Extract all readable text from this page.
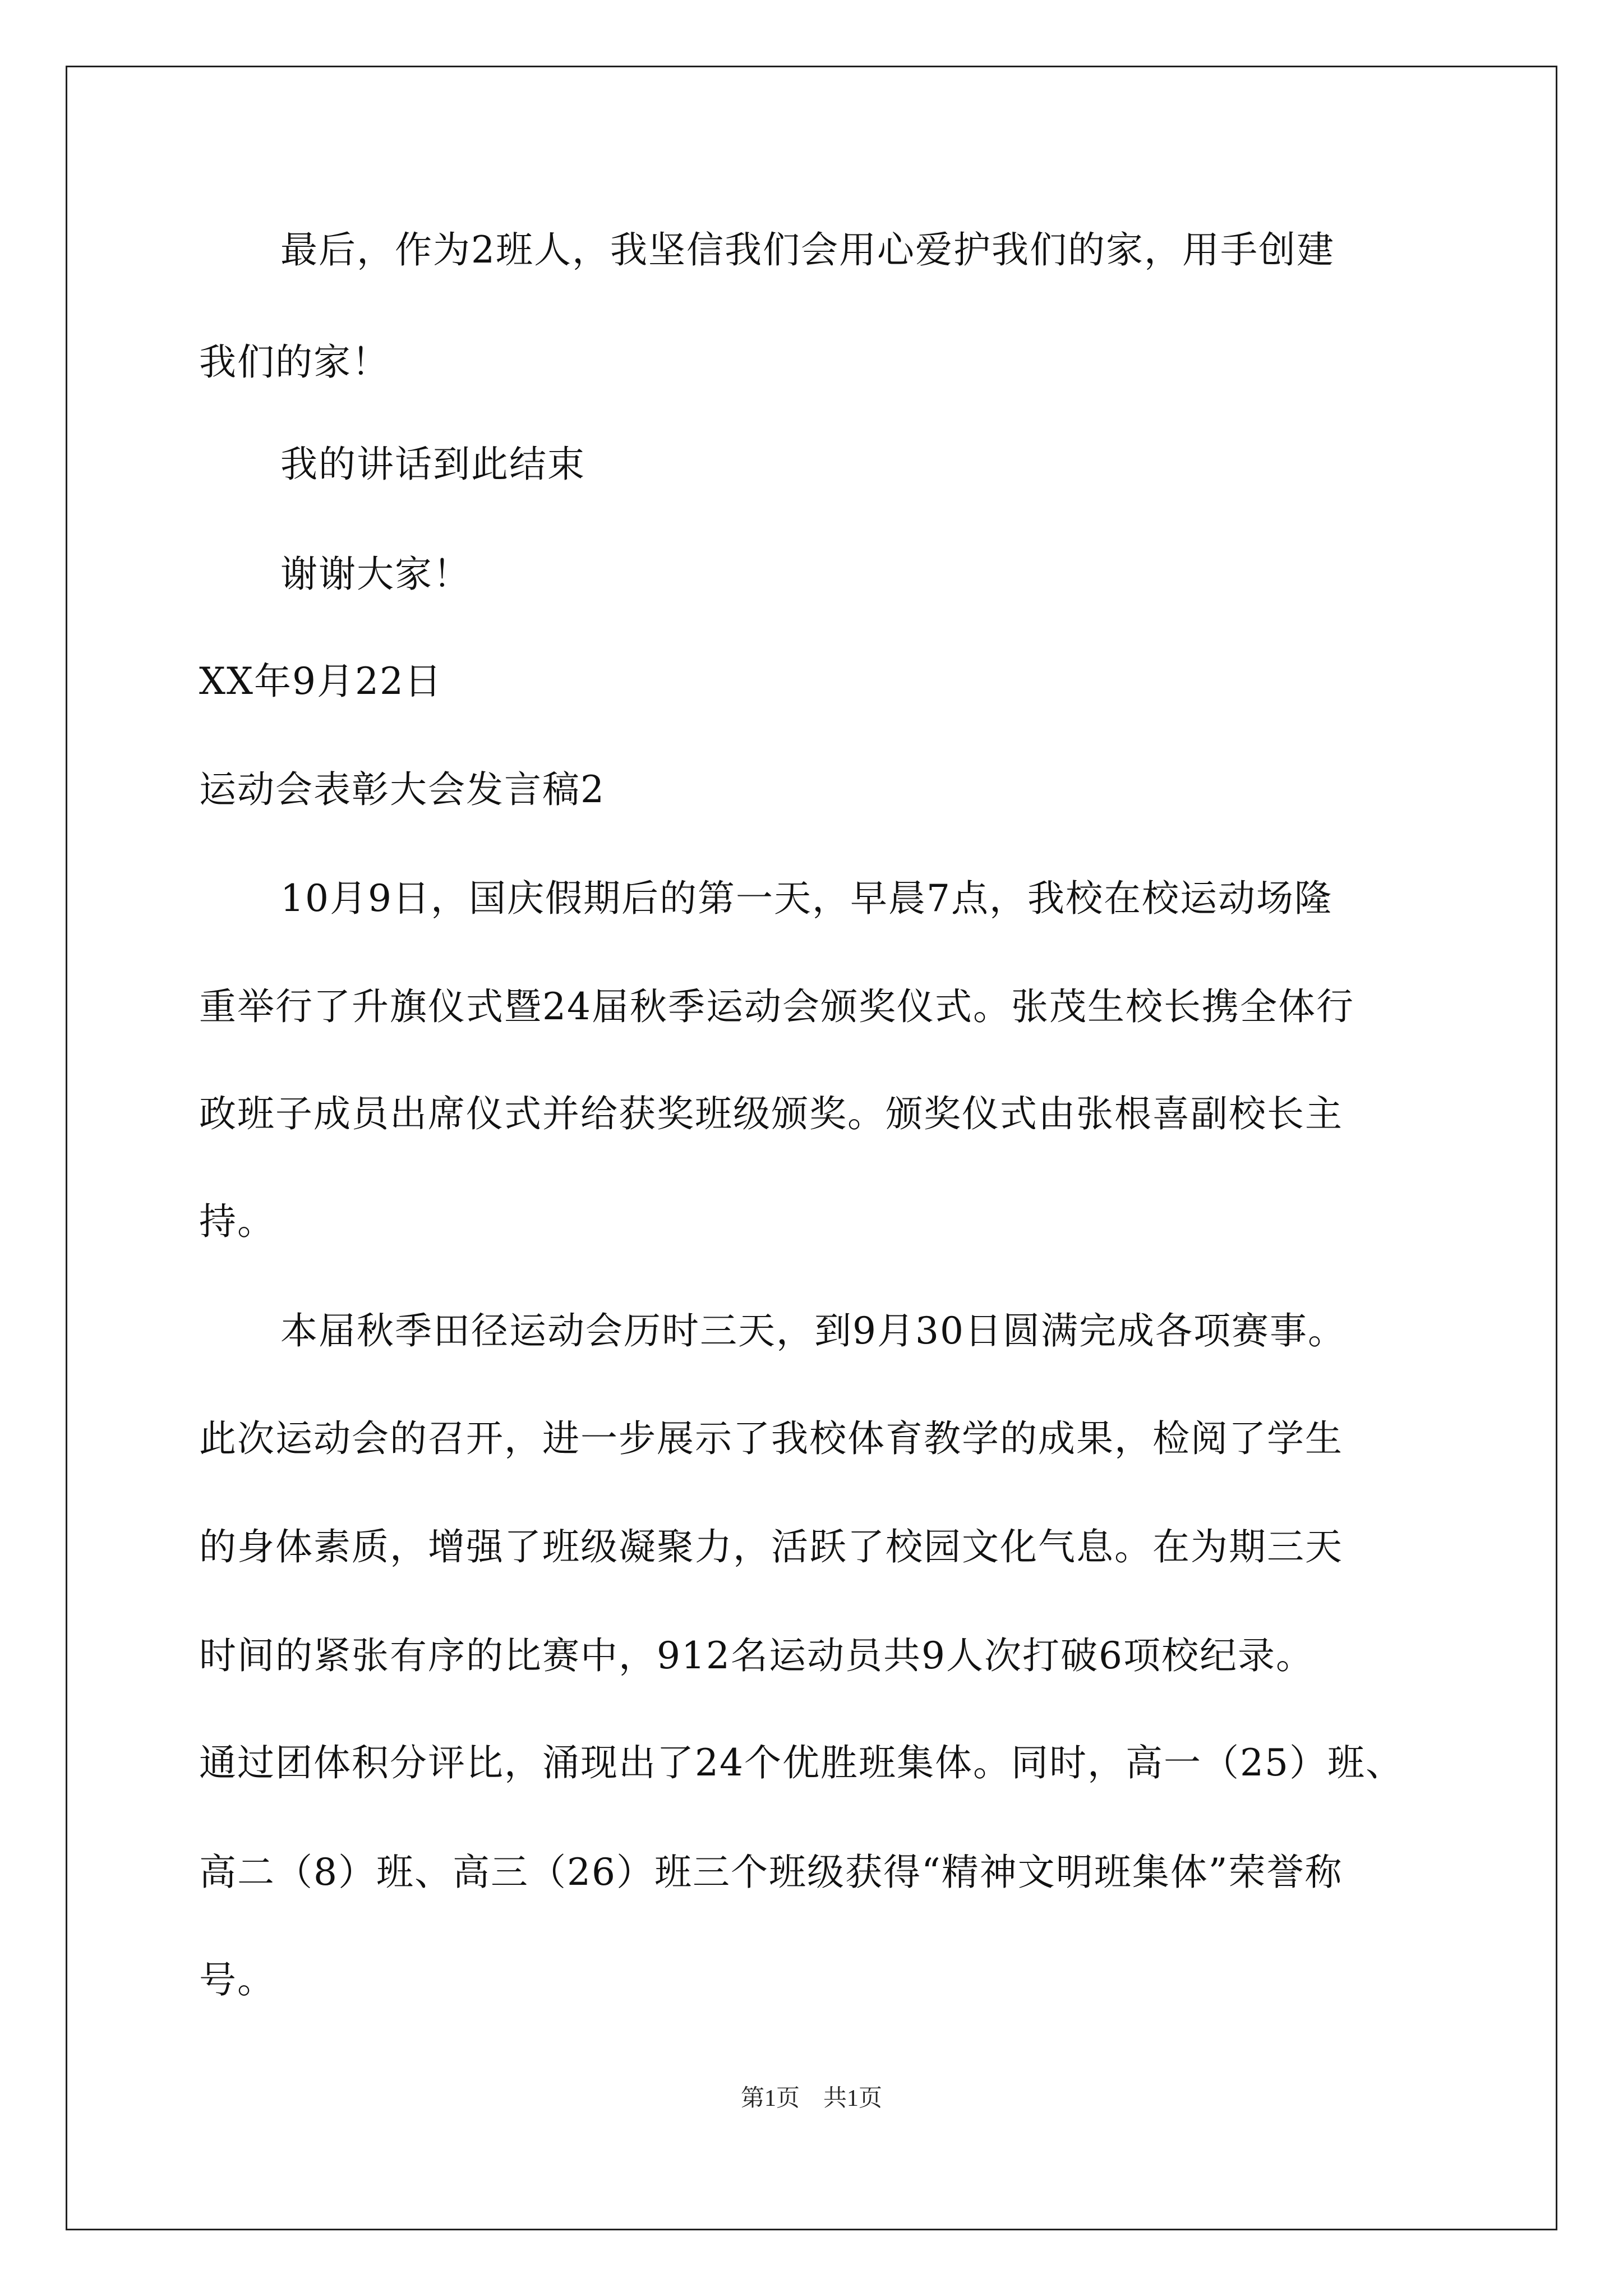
最后，作为2班人，我坚信我们会用心爱护我们的家，用手创建
我们的家！
我的讲话到此结束
谢谢大家！
XX年9月22日
运动会表彰大会发言稿2
10月9日，国庆假期后的第一天，早晨7点，我校在校运动场隆
重举行了升旗仪式暨24届秋季运动会颁奖仪式。张茂生校长携全体行
政班子成员出席仪式并给获奖班级颁奖。颁奖仪式由张根喜副校长主
持。
本届秋季田径运动会历时三天，到9月30日圆满完成各项赛事。
此次运动会的召开，进一步展示了我校体育教学的成果，检阅了学生
的身体素质，增强了班级凝聚力，活跃了校园文化气息。在为期三天
时间的紧张有序的比赛中，912名运动员共9人次打破6项校纪录。
通过团体积分评比，涌现出了24个优胜班集体。同时，高一（25）班、
高二（8）班、高三（26）班三个班级获得“精神文明班集体”荣誉称
号。
第1页　共1页
